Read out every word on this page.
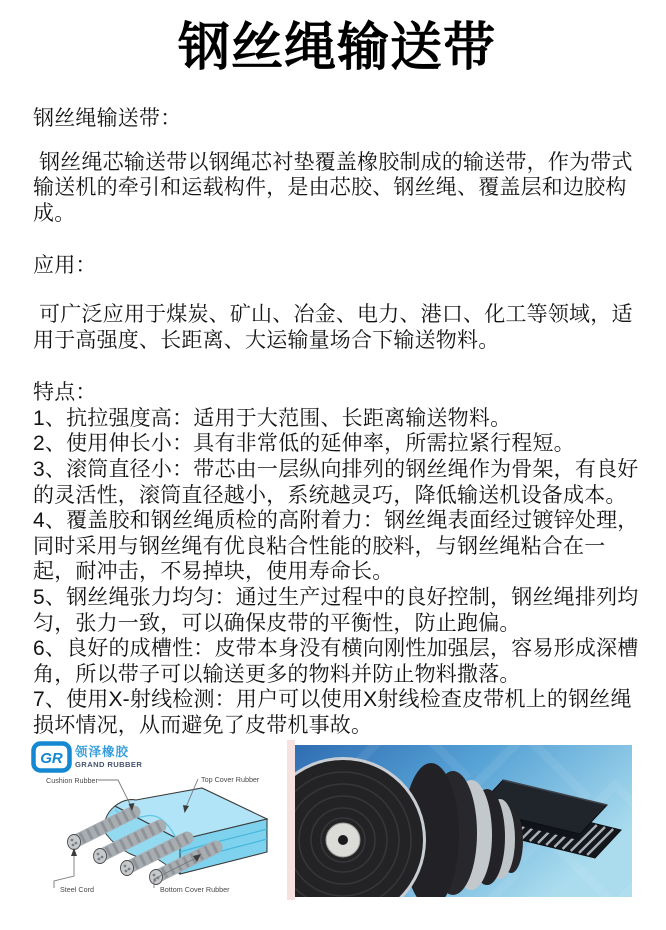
钢丝绳输送带

钢丝绳输送带：

钢丝绳芯输送带以钢绳芯衬垫覆盖橡胶制成的输送带，作为带式输送机的牵引和运载构件，是由芯胶、钢丝绳、覆盖层和边胶构成。

应用：

可广泛应用于煤炭、矿山、冶金、电力、港口、化工等领域，适用于高强度、长距离、大运输量场合下输送物料。

特点：

1、抗拉强度高：适用于大范围、长距离输送物料。
2、使用伸长小：具有非常低的延伸率，所需拉紧行程短。
3、滚筒直径小：带芯由一层纵向排列的钢丝绳作为骨架，有良好的灵活性，滚筒直径越小，系统越灵巧，降低输送机设备成本。
4、覆盖胶和钢丝绳质检的高附着力：钢丝绳表面经过镀锌处理，同时采用与钢丝绳有优良粘合性能的胶料，与钢丝绳粘合在一起，耐冲击，不易掉块，使用寿命长。
5、钢丝绳张力均匀：通过生产过程中的良好控制，钢丝绳排列均匀，张力一致，可以确保皮带的平衡性，防止跑偏。
6、良好的成槽性：皮带本身没有横向刚性加强层，容易形成深槽角，所以带子可以输送更多的物料并防止物料撒落。
7、使用X-射线检测：用户可以使用X射线检查皮带机上的钢丝绳损坏情况，从而避免了皮带机事故。
GR 领泽橡胶
GRAND RUBBER
Cushion Rubber	Top Cover Rubber
Steel Cord	Bottom Cover Rubber
